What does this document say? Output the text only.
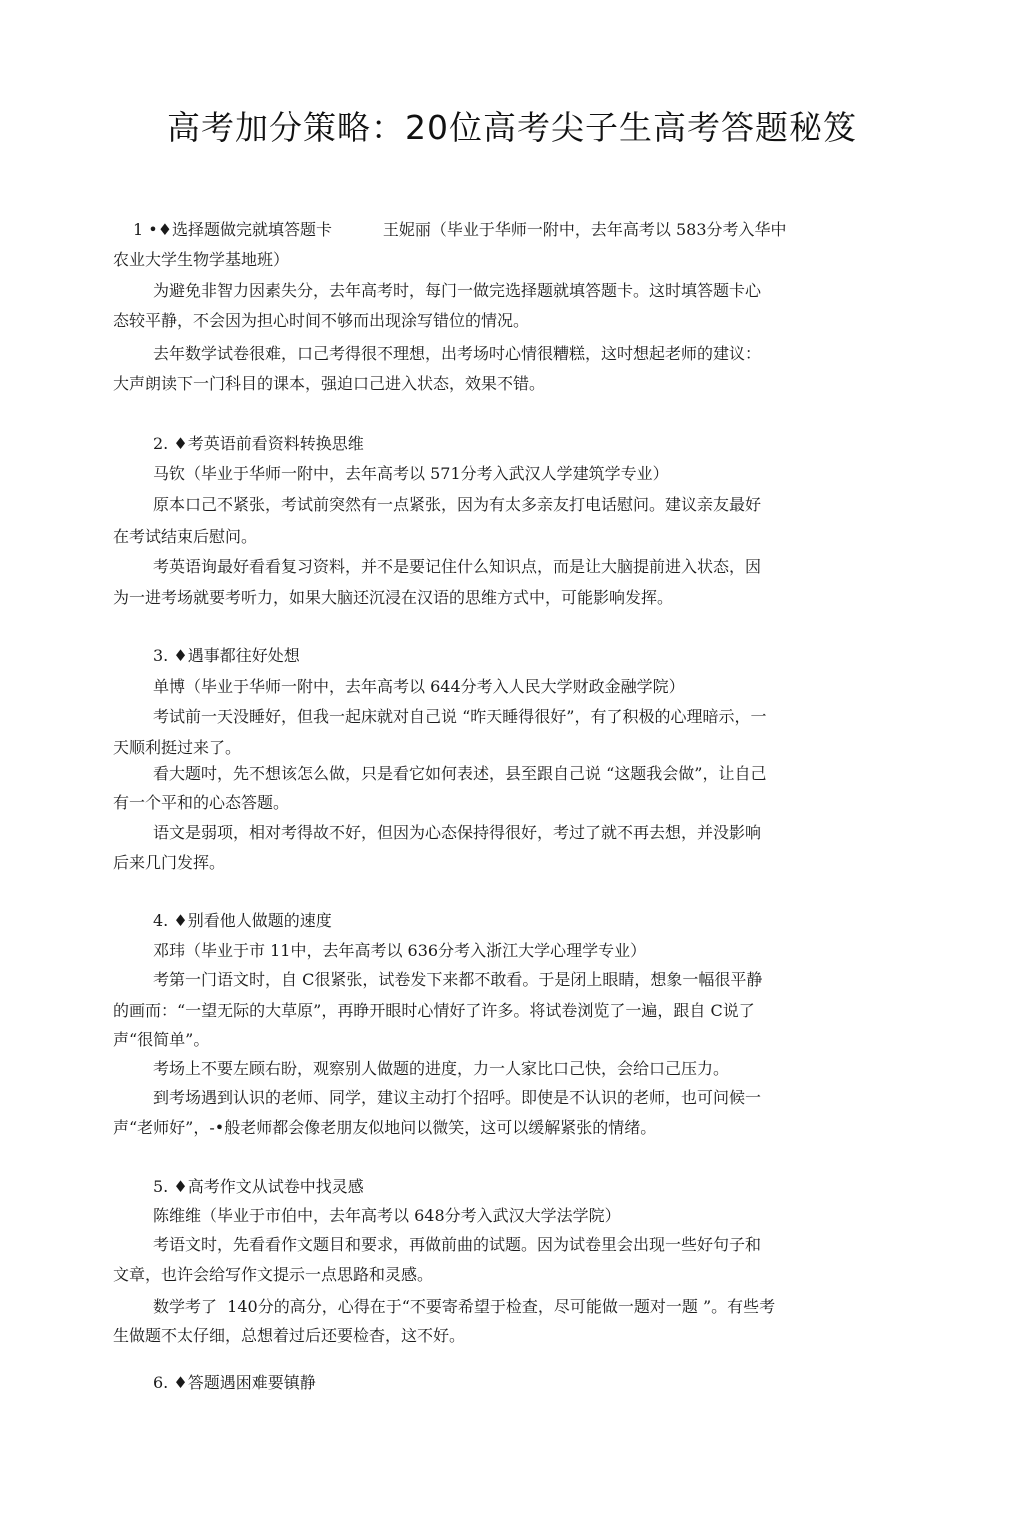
高考加分策略：20位高考尖子生高考答题秘笈
1 •♦选择题做完就填答题卡          王妮丽（毕业于华师一附中，去年高考以 583分考入华中
农业大学生物学基地班）
为避免非智力因素失分，去年高考时，每门一做完选择题就填答题卡。这时填答题卡心
态较平静，不会因为担心时间不够而出现涂写错位的情况。
去年数学试卷很难，口己考得很不理想，出考场吋心情很糟糕，这吋想起老师的建议：
大声朗读下一门科目的课本，强迫口己进入状态，效果不错。
2. ♦考英语前看资料转换思维
马钦（毕业于华师一附中，去年高考以 571分考入武汉人学建筑学专业）
原本口己不紧张，考试前突然有一点紧张，因为有太多亲友打电话慰问。建议亲友最好
在考试结束后慰问。
考英语询最好看看复习资料，并不是要记住什么知识点，而是让大脑提前进入状态，因
为一进考场就要考听力，如果大脑还沉浸在汉语的思维方式中，可能影响发挥。
3. ♦遇事都往好处想
单博（毕业于华师一附中，去年高考以 644分考入人民大学财政金融学院）
考试前一天没睡好，但我一起床就对自己说 “昨天睡得很好”，有了积极的心理暗示，一
天顺利挺过来了。
看大题吋，先不想该怎么做，只是看它如何表述，县至跟自己说 “这题我会做”，让自己
有一个平和的心态答题。
语文是弱项，相对考得故不好，但因为心态保持得很好，考过了就不再去想，并没影响
后来几门发挥。
4. ♦别看他人做题的速度
邓玮（毕业于市 11中，去年高考以 636分考入浙江大学心理学专业）
考第一门语文时，自 C很紧张，试卷发下来都不敢看。于是闭上眼睛，想象一幅很平静
的画而：“一望无际的大草原”，再睁开眼时心情好了许多。将试卷浏览了一遍，跟自 C说了
声“很简单”。
考场上不要左顾右盼，观察别人做题的进度，力一人家比口己快，会给口己压力。
到考场遇到认识的老师、同学，建议主动打个招呼。即使是不认识的老师，也可问候一
声“老师好”，-•般老师都会像老朋友似地问以微笑，这可以缓解紧张的情绪。
5. ♦高考作文从试卷中找灵感
陈维维（毕业于市伯中，去年高考以 648分考入武汉大学法学院）
考语文时，先看看作文题目和要求，再做前曲的试题。因为试卷里会出现一些好句子和
文章，也许会给写作文提示一点思路和灵感。
数学考了  140分的高分，心得在于“不要寄希望于检查，尽可能做一题对一题 ”。有些考
生做题不太仔细，总想着过后还要检杳，这不好。
6. ♦答题遇困难要镇静
